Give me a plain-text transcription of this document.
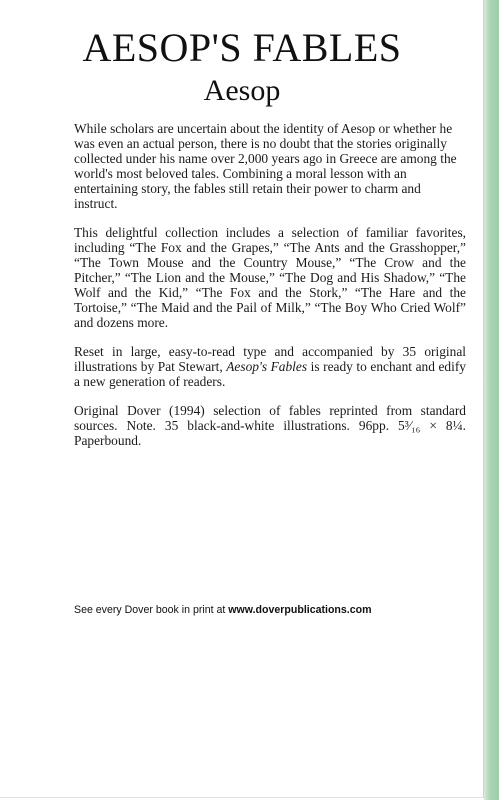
AESOP'S FABLES
Aesop

While scholars are uncertain about the identity of Aesop or whether he was even an actual person, there is no doubt that the stories originally collected under his name over 2,000 years ago in Greece are among the world's most beloved tales. Combining a moral lesson with an entertaining story, the fables still retain their power to charm and instruct.

This delightful collection includes a selection of familiar favorites, including “The Fox and the Grapes,” “The Ants and the Grasshopper,” “The Town Mouse and the Country Mouse,” “The Crow and the Pitcher,” “The Lion and the Mouse,” “The Dog and His Shadow,” “The Wolf and the Kid,” “The Fox and the Stork,” “The Hare and the Tortoise,” “The Maid and the Pail of Milk,” “The Boy Who Cried Wolf” and dozens more.

Reset in large, easy-to-read type and accompanied by 35 original illustrations by Pat Stewart, Aesop's Fables is ready to enchant and edify a new generation of readers.

Original Dover (1994) selection of fables reprinted from standard sources. Note. 35 black-and-white illustrations. 96pp. 5³⁄₁₆ × 8¼. Paperbound.

See every Dover book in print at www.doverpublications.com
